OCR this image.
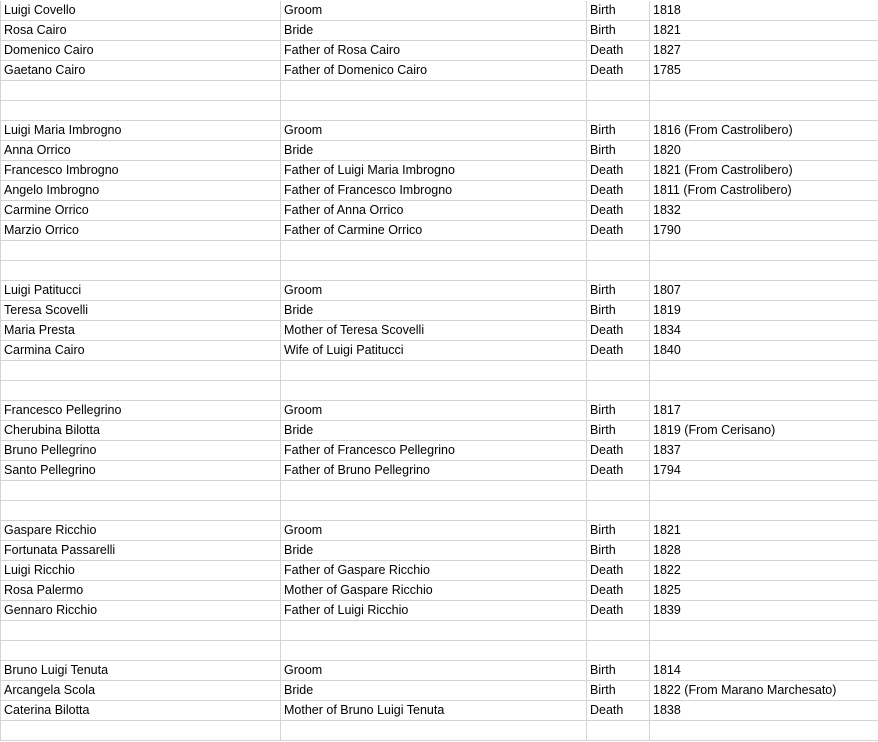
Luigi Covello	Groom	Birth	1818
Rosa Cairo	Bride	Birth	1821
Domenico Cairo	Father of Rosa Cairo	Death	1827
Gaetano Cairo	Father of Domenico Cairo	Death	1785

Luigi Maria Imbrogno	Groom	Birth	1816 (From Castrolibero)
Anna Orrico	Bride	Birth	1820
Francesco Imbrogno	Father of Luigi Maria Imbrogno	Death	1821 (From Castrolibero)
Angelo Imbrogno	Father of Francesco Imbrogno	Death	1811 (From Castrolibero)
Carmine Orrico	Father of Anna Orrico	Death	1832
Marzio Orrico	Father of Carmine Orrico	Death	1790

Luigi Patitucci	Groom	Birth	1807
Teresa Scovelli	Bride	Birth	1819
Maria Presta	Mother of Teresa Scovelli	Death	1834
Carmina Cairo	Wife of Luigi Patitucci	Death	1840

Francesco Pellegrino	Groom	Birth	1817
Cherubina Bilotta	Bride	Birth	1819 (From Cerisano)
Bruno Pellegrino	Father of Francesco Pellegrino	Death	1837
Santo Pellegrino	Father of Bruno Pellegrino	Death	1794

Gaspare Ricchio	Groom	Birth	1821
Fortunata Passarelli	Bride	Birth	1828
Luigi Ricchio	Father of Gaspare Ricchio	Death	1822
Rosa Palermo	Mother of Gaspare Ricchio	Death	1825
Gennaro Ricchio	Father of Luigi Ricchio	Death	1839

Bruno Luigi Tenuta	Groom	Birth	1814
Arcangela Scola	Bride	Birth	1822 (From Marano Marchesato)
Caterina Bilotta	Mother of Bruno Luigi Tenuta	Death	1838
